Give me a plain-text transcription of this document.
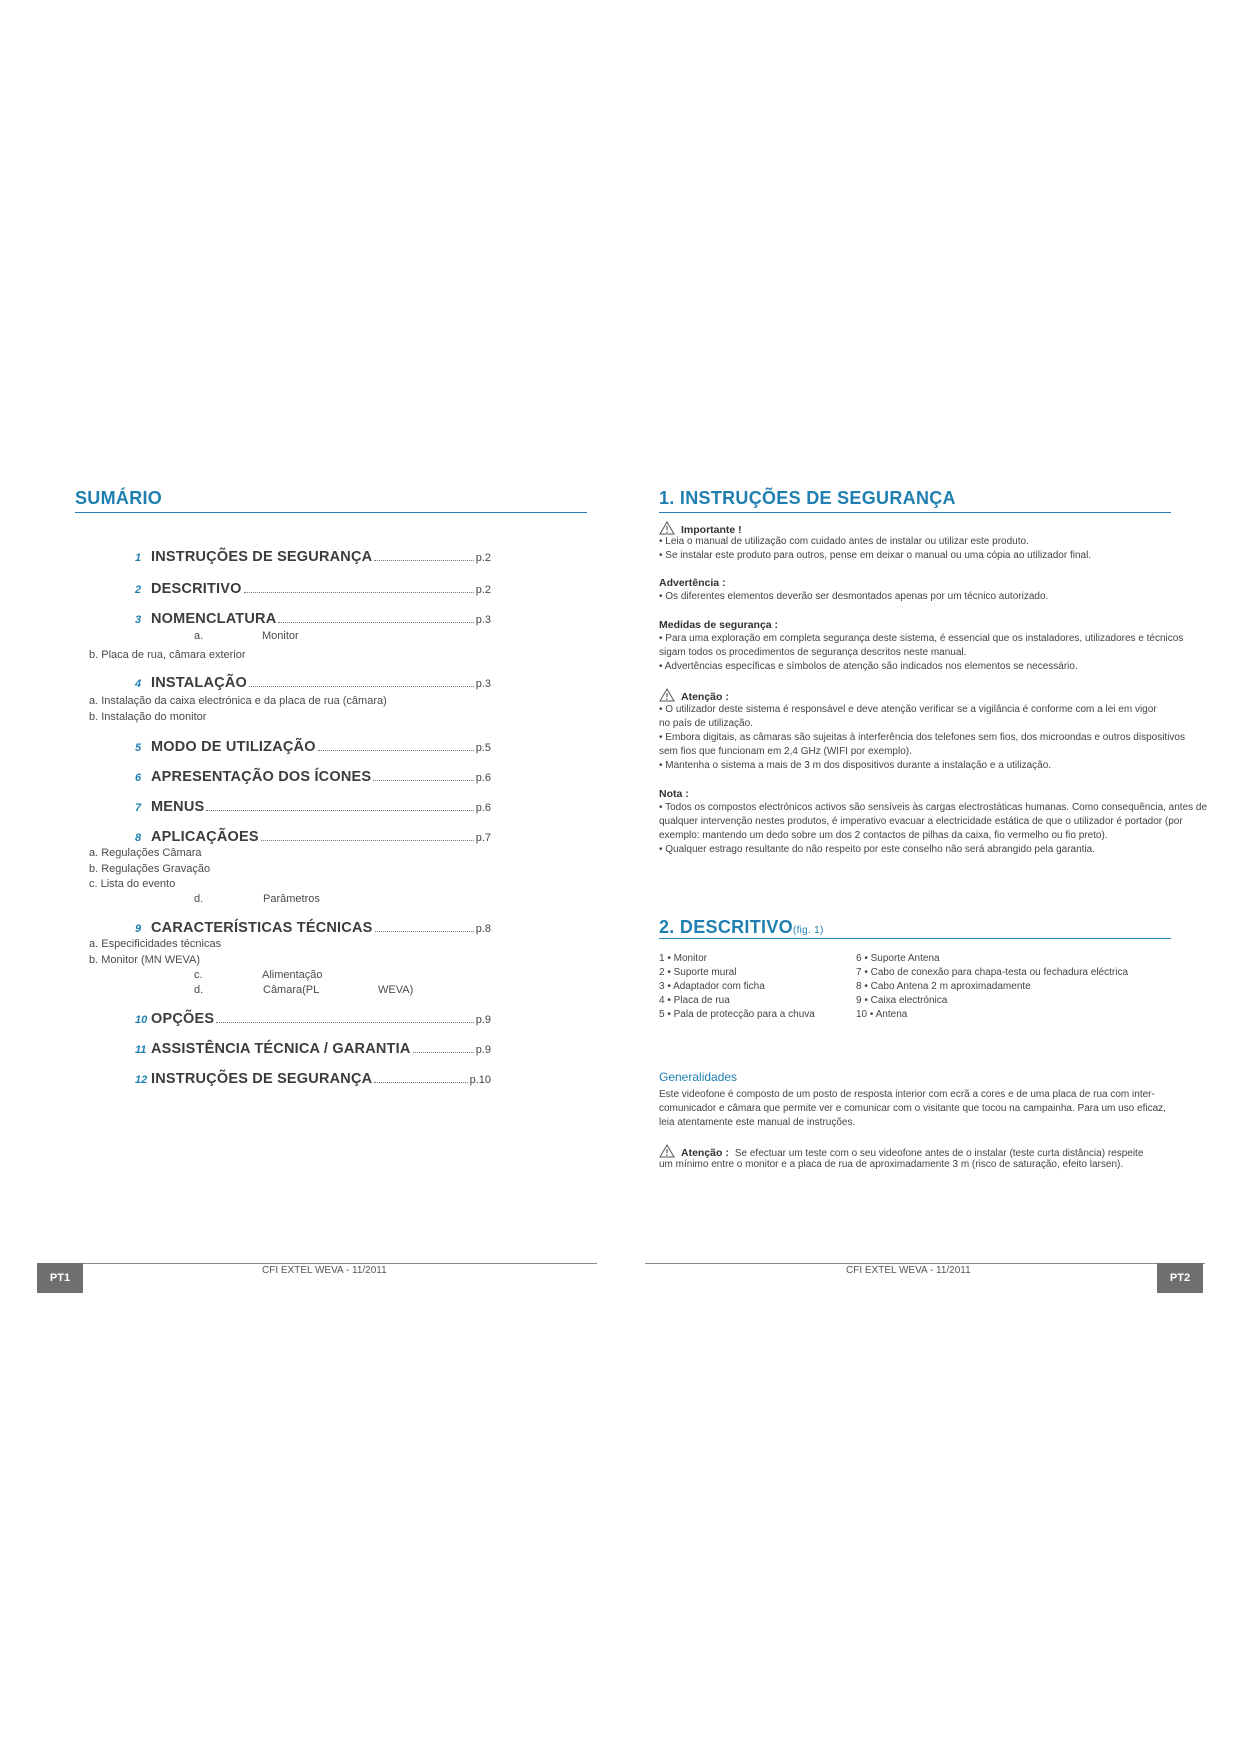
SUMÁRIO
1 INSTRUÇÕES DE SEGURANÇA	p.2
2 DESCRITIVO	p.2
3 NOMENCLATURA	p.3
a.	Monitor
b. Placa de rua, câmara exterior
4 INSTALAÇÃO	p.3
a. Instalação da caixa electrónica e da placa de rua (câmara)
b. Instalação do monitor
5 MODO DE UTILIZAÇÃO	p.5
6 APRESENTAÇÃO DOS ÍCONES	p.6
7 MENUS	p.6
8 APLICAÇÃOES	p.7
a. Regulações Câmara
b. Regulações Gravação
c. Lista do evento
d.	Parâmetros
9 CARACTERÍSTICAS TÉCNICAS	p.8
a. Especificidades técnicas
b. Monitor (MN WEVA)
c.	Alimentação
d.	Câmara(PL	WEVA)
10 OPÇÕES	p.9
11 ASSISTÊNCIA TÉCNICA / GARANTIA	p.9
12 INSTRUÇÕES DE SEGURANÇA	p.10
PT1
CFI EXTEL WEVA - 11/2011
1. INSTRUÇÕES DE SEGURANÇA
Importante !
• Leia o manual de utilização com cuidado antes de instalar ou utilizar este produto.
• Se instalar este produto para outros, pense em deixar o manual ou uma cópia ao utilizador final.
Advertência :
• Os diferentes elementos deverão ser desmontados apenas por um técnico autorizado.
Medidas de segurança :
• Para uma exploração em completa segurança deste sistema, é essencial que os instaladores, utilizadores e técnicos
sigam todos os procedimentos de segurança descritos neste manual.
• Advertências específicas e símbolos de atenção são indicados nos elementos se necessário.
Atenção :
• O utilizador deste sistema é responsável e deve atenção verificar se a vigilância é conforme com a lei em vigor
no país de utilização.
• Embora digitais, as câmaras são sujeitas à interferência dos telefones sem fios, dos microondas e outros dispositivos
sem fios que funcionam em 2,4 GHz (WIFI por exemplo).
• Mantenha o sistema a mais de 3 m dos dispositivos durante a instalação e a utilização.
Nota :
• Todos os compostos electrónicos activos são sensíveis às cargas electrostáticas humanas. Como consequência, antes de
qualquer intervenção nestes produtos, é imperativo evacuar a electricidade estática de que o utilizador é portador (por
exemplo: mantendo um dedo sobre um dos 2 contactos de pilhas da caixa, fio vermelho ou fio preto).
• Qualquer estrago resultante do não respeito por este conselho não será abrangido pela garantia.
2. DESCRITIVO(fig. 1)
1 • Monitor
2 • Suporte mural
3 • Adaptador com ficha
4 • Placa de rua
5 • Pala de protecção para a chuva
6 • Suporte Antena
7 • Cabo de conexão para chapa-testa ou fechadura eléctrica
8 • Cabo Antena 2 m aproximadamente
9 • Caixa electrónica
10 • Antena
Generalidades
Este videofone é composto de um posto de resposta interior com ecrã a cores e de uma placa de rua com inter-
comunicador e câmara que permite ver e comunicar com o visitante que tocou na campainha. Para um uso eficaz,
leia atentamente este manual de instruções.
Atenção : Se efectuar um teste com o seu videofone antes de o instalar (teste curta distância) respeite
um mínimo entre o monitor e a placa de rua de aproximadamente 3 m (risco de saturação, efeito larsen).
CFI EXTEL WEVA - 11/2011
PT2
